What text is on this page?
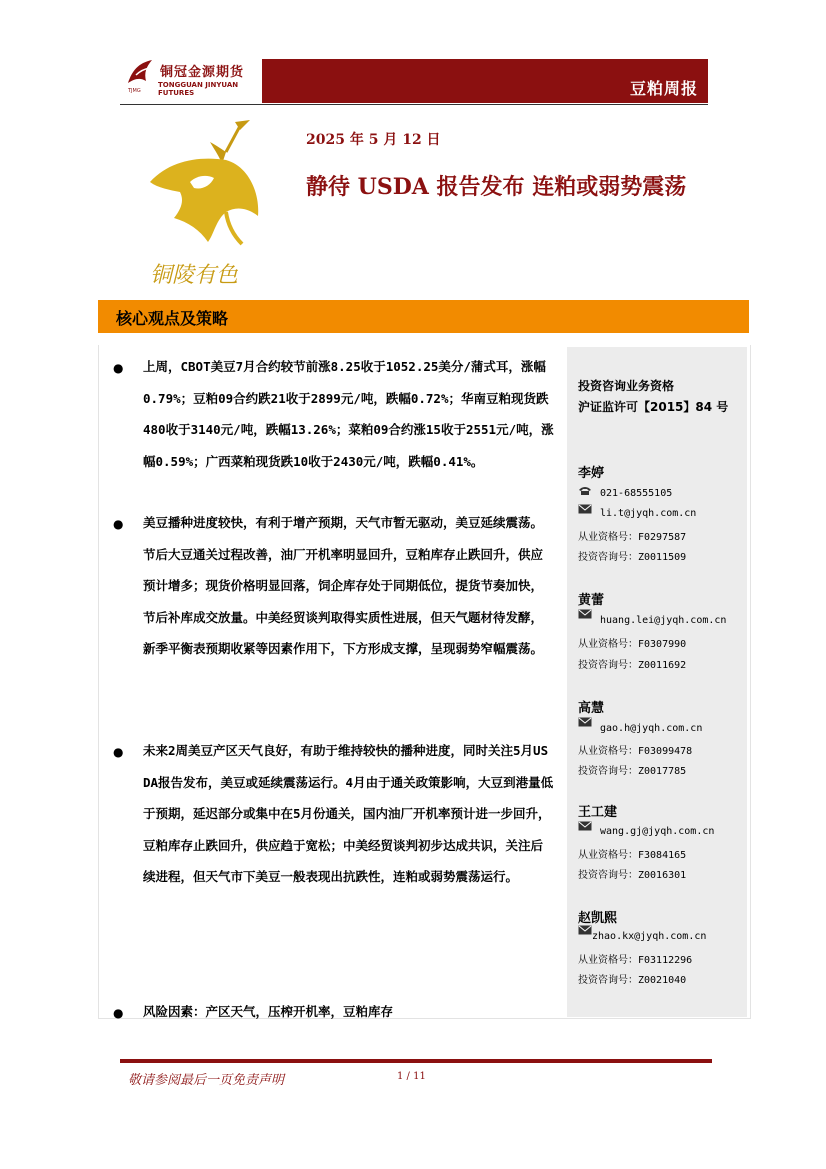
铜冠金源期货
TONGGUAN JINYUAN FUTURES
TJMG	豆粕周报
铜陵有色
2025 年 5 月 12 日
静待 USDA 报告发布 连粕或弱势震荡
核心观点及策略
● 上周，CBOT美豆7月合约较节前涨8.25收于1052.25美分/蒲式耳，涨幅0.79%；豆粕09合约跌21收于2899元/吨，跌幅0.72%；华南豆粕现货跌480收于3140元/吨，跌幅13.26%；菜粕09合约涨15收于2551元/吨，涨幅0.59%；广西菜粕现货跌10收于2430元/吨，跌幅0.41%。
● 美豆播种进度较快，有利于增产预期，天气市暂无驱动，美豆延续震荡。节后大豆通关过程改善，油厂开机率明显回升，豆粕库存止跌回升，供应预计增多；现货价格明显回落，饲企库存处于同期低位，提货节奏加快，节后补库成交放量。中美经贸谈判取得实质性进展，但天气题材待发酵，新季平衡表预期收紧等因素作用下，下方形成支撑，呈现弱势窄幅震荡。
● 未来2周美豆产区天气良好，有助于维持较快的播种进度，同时关注5月USDA报告发布，美豆或延续震荡运行。4月由于通关政策影响，大豆到港量低于预期，延迟部分或集中在5月份通关，国内油厂开机率预计进一步回升，豆粕库存止跌回升，供应趋于宽松；中美经贸谈判初步达成共识，关注后续进程，但天气市下美豆一般表现出抗跌性，连粕或弱势震荡运行。
● 风险因素：产区天气，压榨开机率，豆粕库存
投资咨询业务资格
沪证监许可【2015】84 号
李婷
021-68555105
li.t@jyqh.com.cn
从业资格号：F0297587
投资咨询号：Z0011509
黄蕾
huang.lei@jyqh.com.cn
从业资格号：F0307990
投资咨询号：Z0011692
高慧
gao.h@jyqh.com.cn
从业资格号：F03099478
投资咨询号：Z0017785
王工建
wang.gj@jyqh.com.cn
从业资格号：F3084165
投资咨询号：Z0016301
赵凯熙
zhao.kx@jyqh.com.cn
从业资格号：F03112296
投资咨询号：Z0021040
敬请参阅最后一页免责声明	1 / 11
